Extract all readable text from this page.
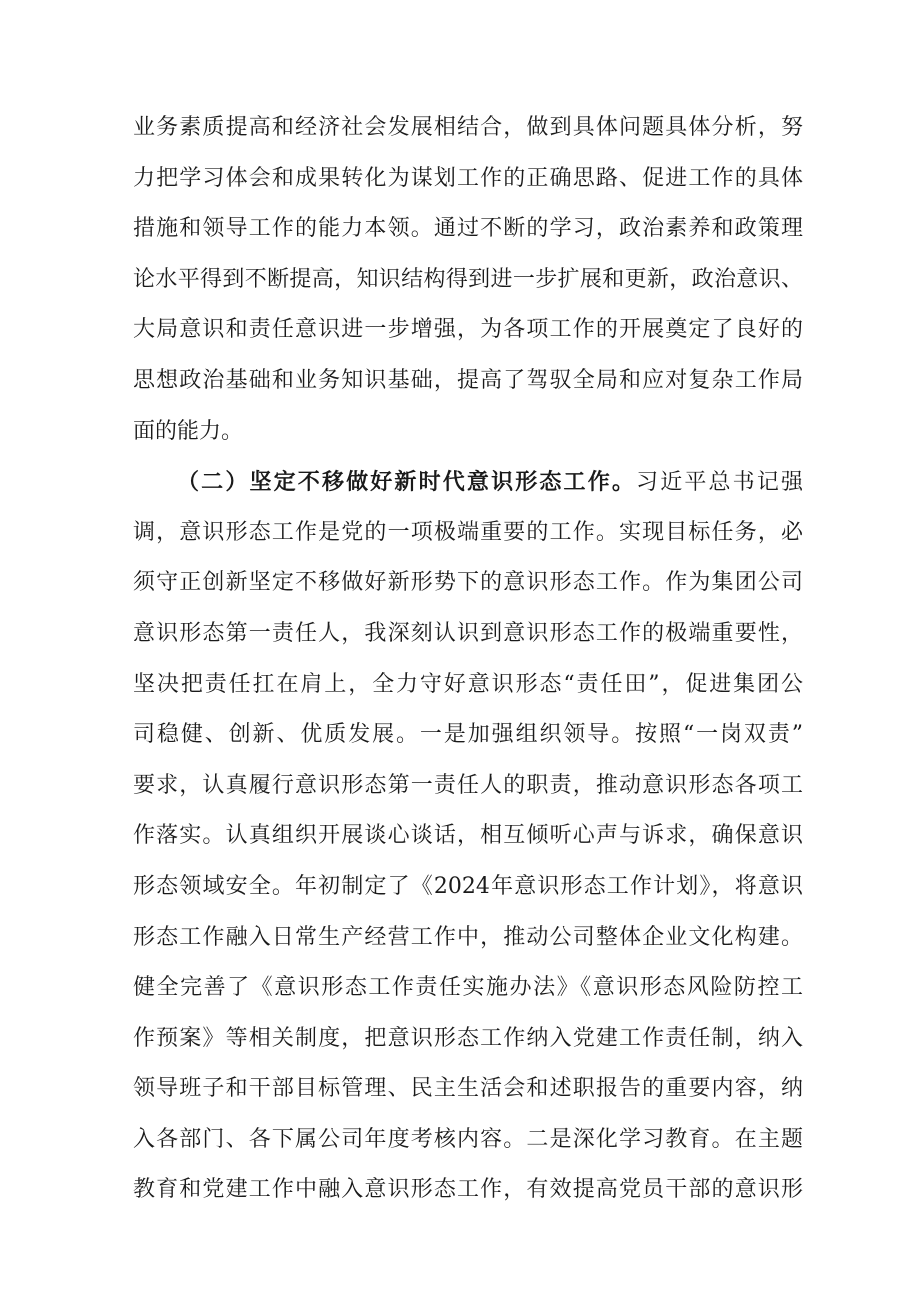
业务素质提高和经济社会发展相结合，做到具体问题具体分析，努
力把学习体会和成果转化为谋划工作的正确思路、促进工作的具体
措施和领导工作的能力本领。通过不断的学习，政治素养和政策理
论水平得到不断提高，知识结构得到进一步扩展和更新，政治意识、
大局意识和责任意识进一步增强，为各项工作的开展奠定了良好的
思想政治基础和业务知识基础，提高了驾驭全局和应对复杂工作局
面的能力。
（二）坚定不移做好新时代意识形态工作。习近平总书记强
调，意识形态工作是党的一项极端重要的工作。实现目标任务，必
须守正创新坚定不移做好新形势下的意识形态工作。作为集团公司
意识形态第一责任人，我深刻认识到意识形态工作的极端重要性，
坚决把责任扛在肩上，全力守好意识形态“责任田”，促进集团公
司稳健、创新、优质发展。一是加强组织领导。按照“一岗双责”
要求，认真履行意识形态第一责任人的职责，推动意识形态各项工
作落实。认真组织开展谈心谈话，相互倾听心声与诉求，确保意识
形态领域安全。年初制定了《2024年意识形态工作计划》，将意识
形态工作融入日常生产经营工作中，推动公司整体企业文化构建。
健全完善了《意识形态工作责任实施办法》《意识形态风险防控工
作预案》等相关制度，把意识形态工作纳入党建工作责任制，纳入
领导班子和干部目标管理、民主生活会和述职报告的重要内容，纳
入各部门、各下属公司年度考核内容。二是深化学习教育。在主题
教育和党建工作中融入意识形态工作，有效提高党员干部的意识形
